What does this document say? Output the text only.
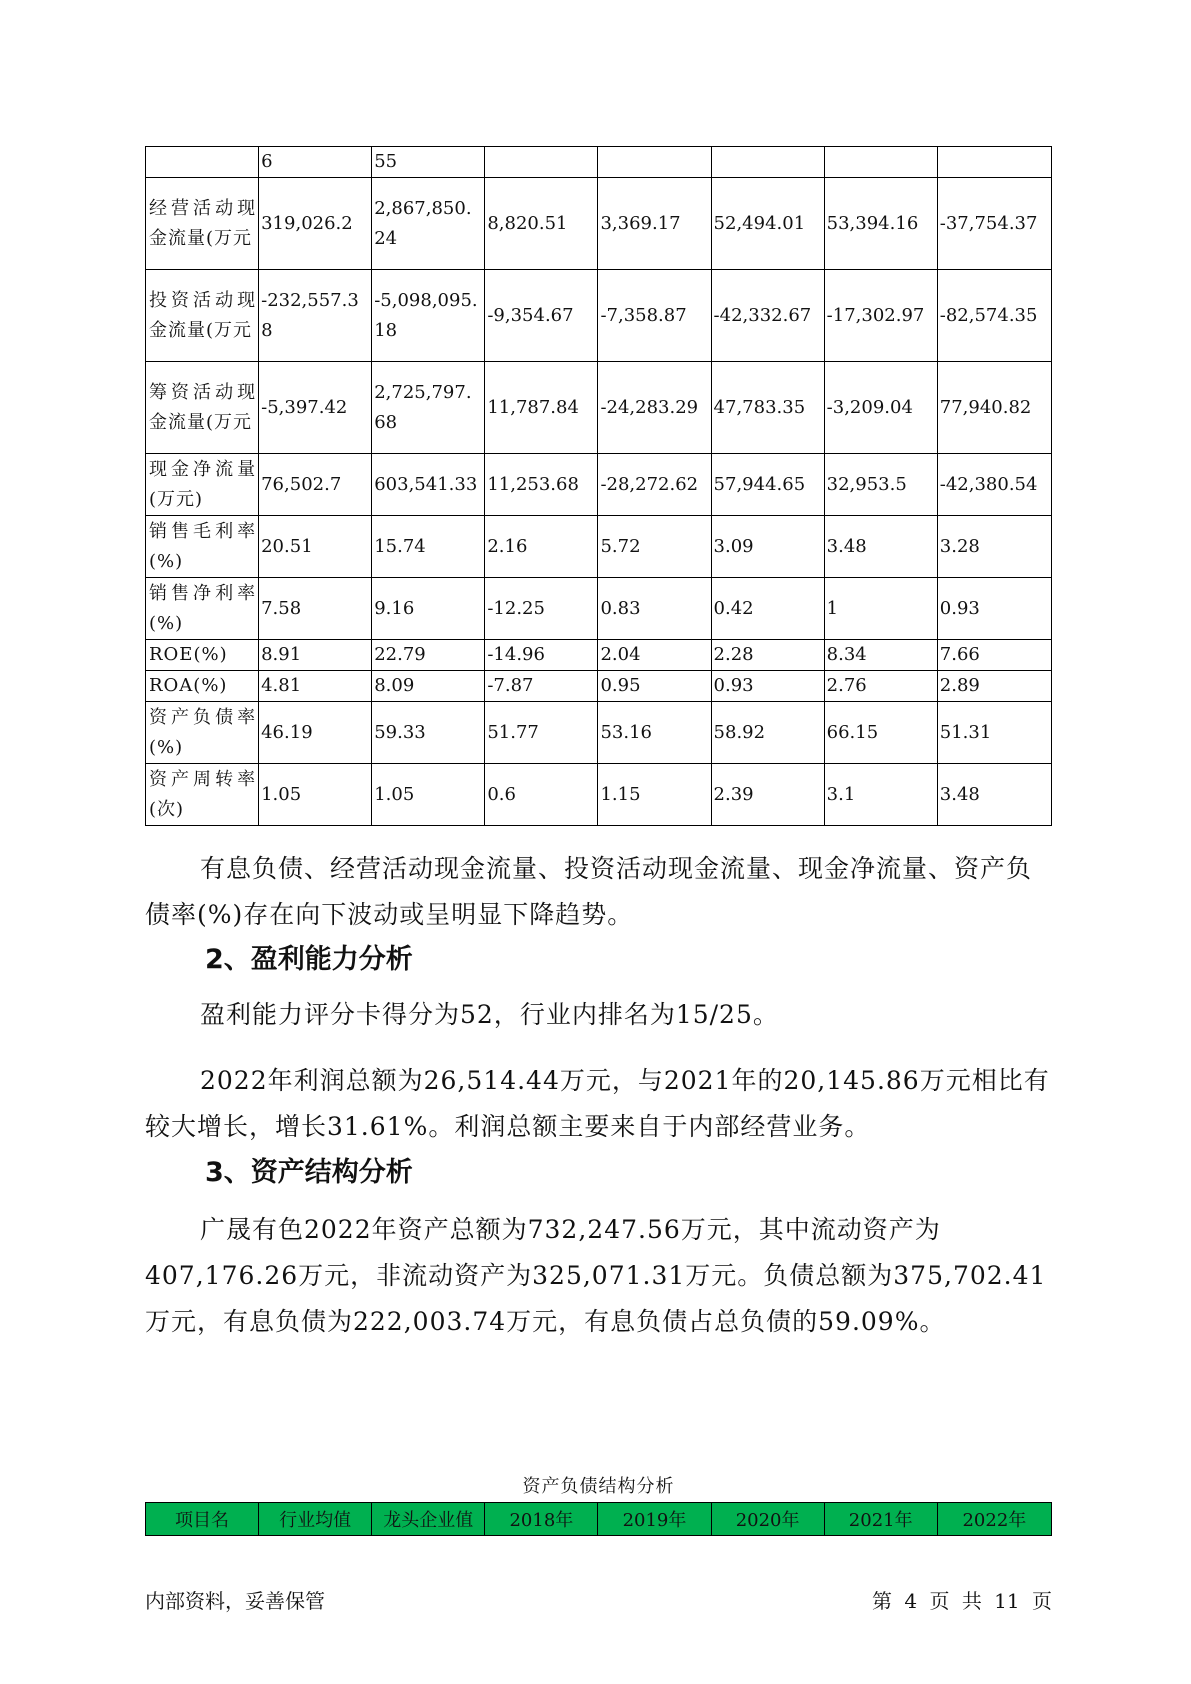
	6	55					
经营活动现金流量(万元	319,026.2	2,867,850.24	8,820.51	3,369.17	52,494.01	53,394.16	-37,754.37
投资活动现金流量(万元	-232,557.38	-5,098,095.18	-9,354.67	-7,358.87	-42,332.67	-17,302.97	-82,574.35
筹资活动现金流量(万元	-5,397.42	2,725,797.68	11,787.84	-24,283.29	47,783.35	-3,209.04	77,940.82
现金净流量(万元)	76,502.7	603,541.33	11,253.68	-28,272.62	57,944.65	32,953.5	-42,380.54
销售毛利率(%)	20.51	15.74	2.16	5.72	3.09	3.48	3.28
销售净利率(%)	7.58	9.16	-12.25	0.83	0.42	1	0.93
ROE(%)	8.91	22.79	-14.96	2.04	2.28	8.34	7.66
ROA(%)	4.81	8.09	-7.87	0.95	0.93	2.76	2.89
资产负债率(%)	46.19	59.33	51.77	53.16	58.92	66.15	51.31
资产周转率(次)	1.05	1.05	0.6	1.15	2.39	3.1	3.48

有息负债、经营活动现金流量、投资活动现金流量、现金净流量、资产负债率(%)存在向下波动或呈明显下降趋势。

2、盈利能力分析

盈利能力评分卡得分为52，行业内排名为15/25。

2022年利润总额为26,514.44万元，与2021年的20,145.86万元相比有较大增长，增长31.61%。利润总额主要来自于内部经营业务。

3、资产结构分析

广晟有色2022年资产总额为732,247.56万元，其中流动资产为407,176.26万元，非流动资产为325,071.31万元。负债总额为375,702.41万元，有息负债为222,003.74万元，有息负债占总负债的59.09%。

资产负债结构分析
项目名	行业均值	龙头企业值	2018年	2019年	2020年	2021年	2022年
内部资料，妥善保管	第 4 页 共 11 页
